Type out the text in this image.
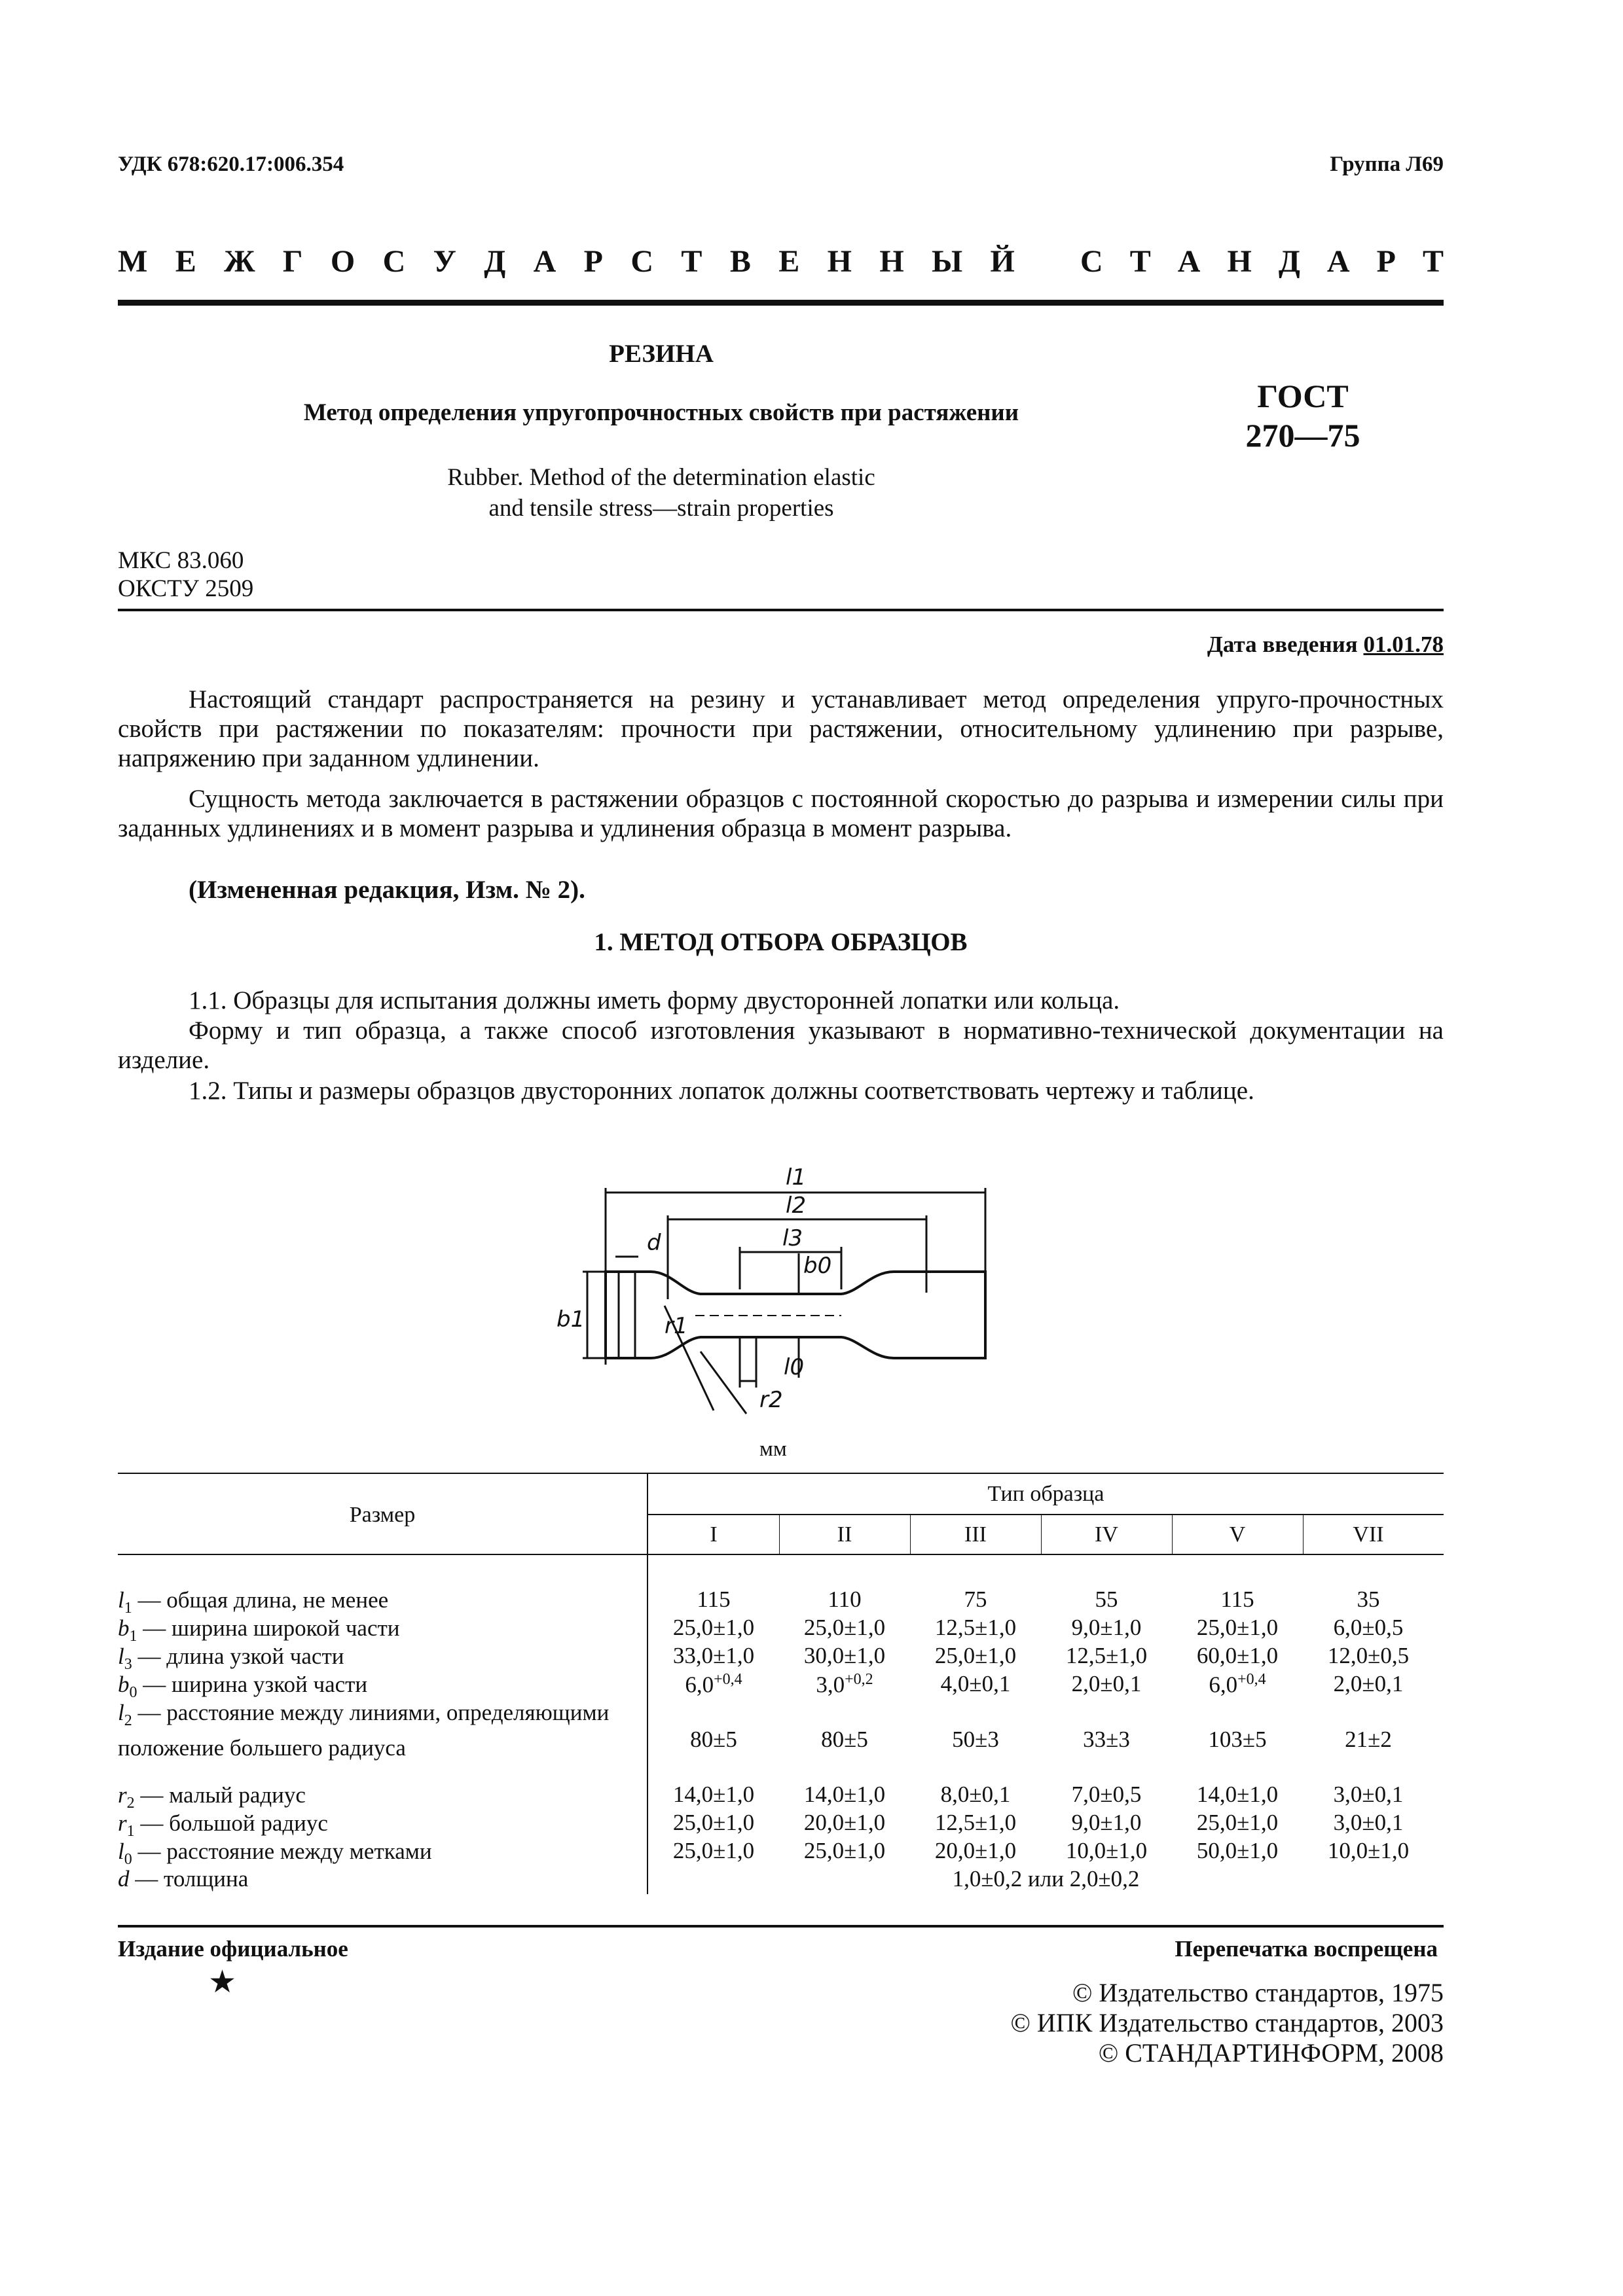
УДК 678:620.17:006.354	Группа Л69
М Е Ж Г О С У Д А Р С Т В Е Н Н Ы Й С Т А Н Д А Р Т
РЕЗИНА
Метод определения упругопрочностных свойств при растяжении
Rubber. Method of the determination elastic
and tensile stress—strain properties
ГОСТ
270—75
МКС 83.060
ОКСТУ 2509
Дата введения 01.01.78
Настоящий стандарт распространяется на резину и устанавливает метод определения упруго-прочностных свойств при растяжении по показателям: прочности при растяжении, относительному удлинению при разрыве, напряжению при заданном удлинении.
Сущность метода заключается в растяжении образцов с постоянной скоростью до разрыва и измерении силы при заданных удлинениях и в момент разрыва и удлинения образца в момент разрыва.
(Измененная редакция, Изм. № 2).
1. МЕТОД ОТБОРА ОБРАЗЦОВ
1.1. Образцы для испытания должны иметь форму двусторонней лопатки или кольца.
Форму и тип образца, а также способ изготовления указывают в нормативно-технической документации на изделие.
1.2. Типы и размеры образцов двусторонних лопаток должны соответствовать чертежу и таблице.
l1
l2
l3
d
b0
b1	r1
l0
r2
мм
Размер
Тип образца
I	II	III	IV	V	VII
$l_1$ — общая длина, не менее	115	110	75	55	115	35
$b_1$ — ширина широкой части	25,0±1,0	25,0±1,0	12,5±1,0	9,0±1,0	25,0±1,0	6,0±0,5
$l_3$ — длина узкой части	33,0±1,0	30,0±1,0	25,0±1,0	12,5±1,0	60,0±1,0	12,0±0,5
$b_0$ — ширина узкой части	$6,0^{+0,4}$	$3,0^{+0,2}$	4,0±0,1	2,0±0,1	$6,0^{+0,4}$	2,0±0,1
$l_2$ — расстояние между линиями, определяющими положение большего радиуса	80±5	80±5	50±3	33±3	103±5	21±2
$r_2$ — малый радиус	14,0±1,0	14,0±1,0	8,0±0,1	7,0±0,5	14,0±1,0	3,0±0,1
$r_1$ — большой радиус	25,0±1,0	20,0±1,0	12,5±1,0	9,0±1,0	25,0±1,0	3,0±0,1
$l_0$ — расстояние между метками	25,0±1,0	25,0±1,0	20,0±1,0	10,0±1,0	50,0±1,0	10,0±1,0
d — толщина	1,0±0,2 или 2,0±0,2
Издание официальное
★
Перепечатка воспрещена
© Издательство стандартов, 1975
© ИПК Издательство стандартов, 2003
© СТАНДАРТИНФОРМ, 2008
